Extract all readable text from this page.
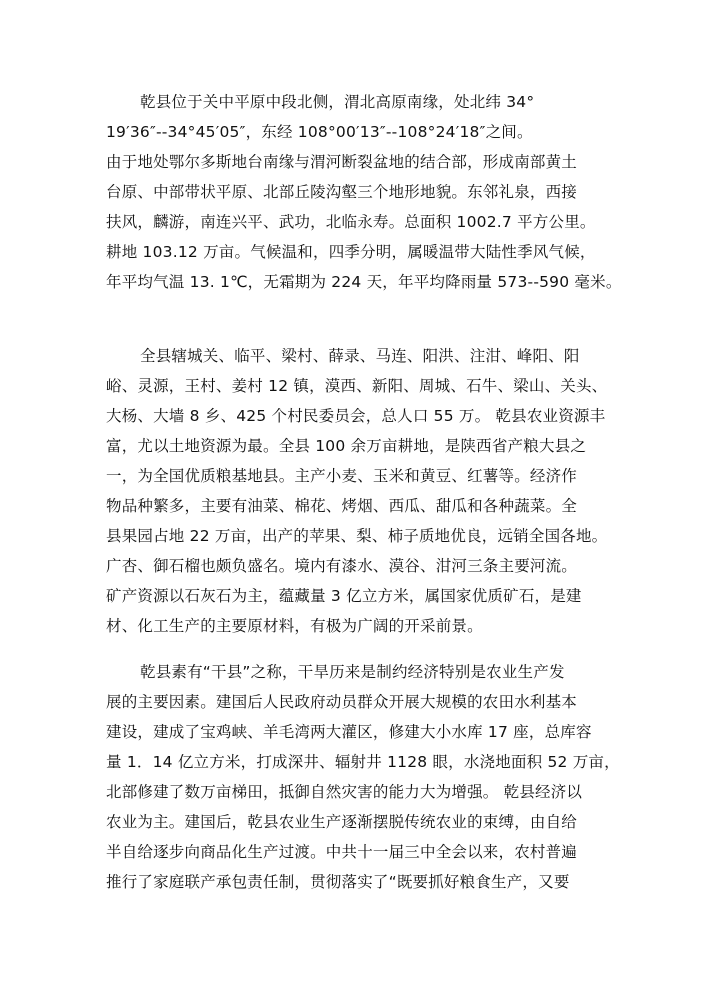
乾县位于关中平原中段北侧，渭北高原南缘，处北纬 34°
19′36″--34°45′05″，东经 108°00′13″--108°24′18″之间。
由于地处鄂尔多斯地台南缘与渭河断裂盆地的结合部，形成南部黄土
台原、中部带状平原、北部丘陵沟壑三个地形地貌。东邻礼泉，西接
扶风，麟游，南连兴平、武功，北临永寿。总面积 1002.7 平方公里。
耕地 103.12 万亩。气候温和，四季分明，属暖温带大陆性季风气候，
年平均气温 13. 1℃，无霜期为 224 天，年平均降雨量 573--590 毫米。
全县辖城关、临平、梁村、薛录、马连、阳洪、注泔、峰阳、阳
峪、灵源，王村、姜村 12 镇，漠西、新阳、周城、石牛、梁山、关头、
大杨、大墙 8 乡、425 个村民委员会，总人口 55 万。 乾县农业资源丰
富，尤以土地资源为最。全县 100 余万亩耕地，是陕西省产粮大县之
一，为全国优质粮基地县。主产小麦、玉米和黄豆、红薯等。经济作
物品种繁多，主要有油菜、棉花、烤烟、西瓜、甜瓜和各种蔬菜。全
县果园占地 22 万亩，出产的苹果、梨、柿子质地优良，远销全国各地。
广杏、御石榴也颇负盛名。境内有漆水、漠谷、泔河三条主要河流。
矿产资源以石灰石为主，蕴藏量 3 亿立方米，属国家优质矿石，是建
材、化工生产的主要原材料，有极为广阔的开采前景。
乾县素有“干县”之称，干旱历来是制约经济特别是农业生产发
展的主要因素。建国后人民政府动员群众开展大规模的农田水利基本
建设，建成了宝鸡峡、羊毛湾两大灌区，修建大小水库 17 座，总库容
量 1．14 亿立方米，打成深井、辐射井 1128 眼，水浇地面积 52 万亩，
北部修建了数万亩梯田，抵御自然灾害的能力大为增强。 乾县经济以
农业为主。建国后，乾县农业生产逐渐摆脱传统农业的束缚，由自给
半自给逐步向商品化生产过渡。中共十一届三中全会以来，农村普遍
推行了家庭联产承包责任制，贯彻落实了“既要抓好粮食生产，又要
